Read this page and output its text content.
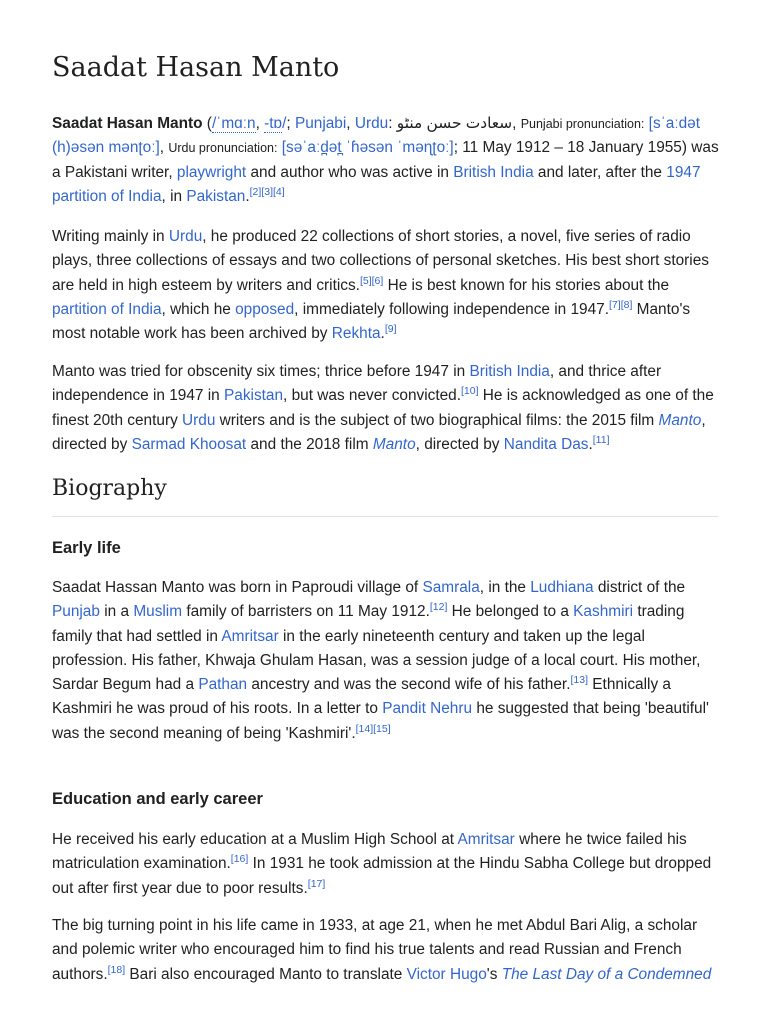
Saadat Hasan Manto

Saadat Hasan Manto (/ˈmɑːn, -tɒ/; Punjabi, Urdu: سعادت حسن منٹو, Punjabi pronunciation: [sˈaːdət (h)əsən mənʈoː], Urdu pronunciation: [səˈaːd̪ət̪ ˈɦəsən ˈməɳʈoː]; 11 May 1912 – 18 January 1955) was a Pakistani writer, playwright and author who was active in British India and later, after the 1947 partition of India, in Pakistan.[2][3][4]

Writing mainly in Urdu, he produced 22 collections of short stories, a novel, five series of radio plays, three collections of essays and two collections of personal sketches. His best short stories are held in high esteem by writers and critics.[5][6] He is best known for his stories about the partition of India, which he opposed, immediately following independence in 1947.[7][8] Manto's most notable work has been archived by Rekhta.[9]

Manto was tried for obscenity six times; thrice before 1947 in British India, and thrice after independence in 1947 in Pakistan, but was never convicted.[10] He is acknowledged as one of the finest 20th century Urdu writers and is the subject of two biographical films: the 2015 film Manto, directed by Sarmad Khoosat and the 2018 film Manto, directed by Nandita Das.[11]

Biography
Early life

Saadat Hassan Manto was born in Paproudi village of Samrala, in the Ludhiana district of the Punjab in a Muslim family of barristers on 11 May 1912.[12] He belonged to a Kashmiri trading family that had settled in Amritsar in the early nineteenth century and taken up the legal profession. His father, Khwaja Ghulam Hasan, was a session judge of a local court. His mother, Sardar Begum had a Pathan ancestry and was the second wife of his father.[13] Ethnically a Kashmiri he was proud of his roots. In a letter to Pandit Nehru he suggested that being 'beautiful' was the second meaning of being 'Kashmiri'.[14][15]

Education and early career

He received his early education at a Muslim High School at Amritsar where he twice failed his matriculation examination.[16] In 1931 he took admission at the Hindu Sabha College but dropped out after first year due to poor results.[17]

The big turning point in his life came in 1933, at age 21, when he met Abdul Bari Alig, a scholar and polemic writer who encouraged him to find his true talents and read Russian and French authors.[18] Bari also encouraged Manto to translate Victor Hugo's The Last Day of a Condemned
